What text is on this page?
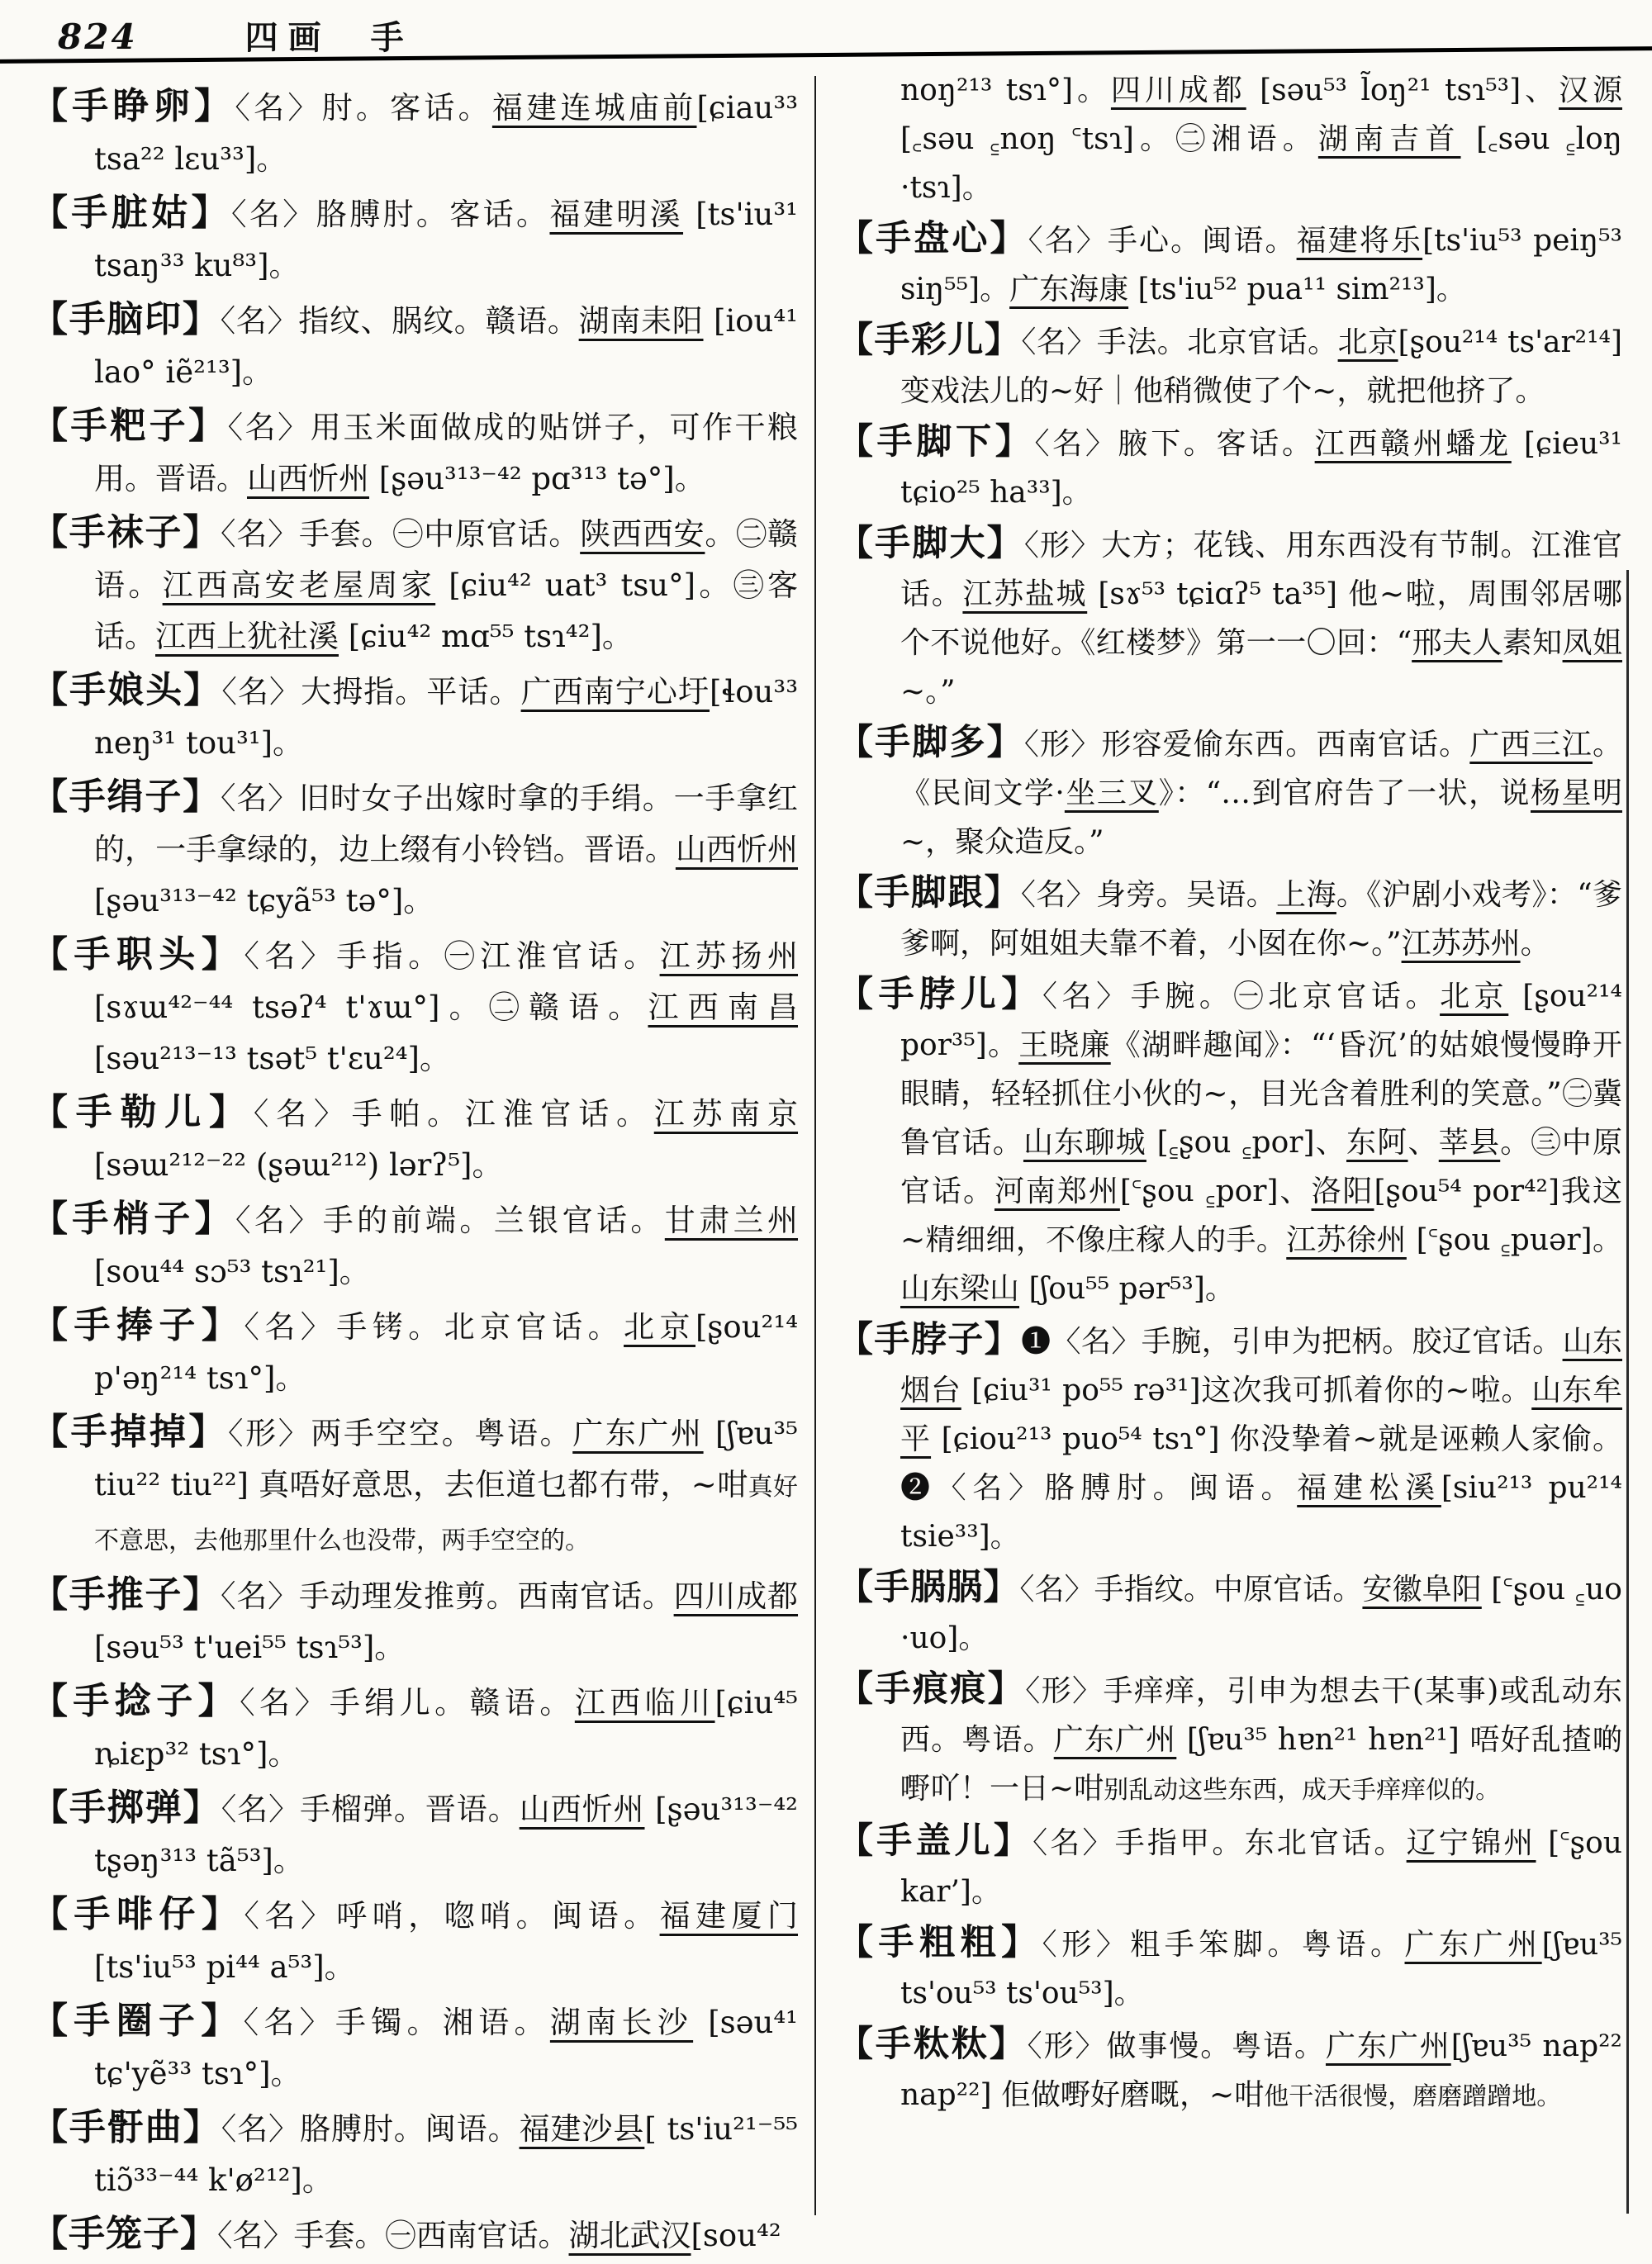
824	四画 手
【手睁卵】〈名〉肘。客话。福建连城庙前[ɕiau³³ tsa²² lɛu³³]。
【手脏姑】〈名〉胳膊肘。客话。福建明溪 [ts'iu³¹ tsaŋ³³ ku⁸³]。
【手脑印】〈名〉指纹、脶纹。赣语。湖南耒阳 [iou⁴¹ lao° iẽ²¹³]。
【手粑子】〈名〉用玉米面做成的贴饼子，可作干粮用。晋语。山西忻州 [ʂəu³¹³⁻⁴² pɑ³¹³ tə°]。
【手袜子】〈名〉手套。㊀中原官话。陕西西安。㊁赣语。江西高安老屋周家 [ɕiu⁴² uat³ tsu°]。㊂客话。江西上犹社溪 [ɕiu⁴² mɑ⁵⁵ tsɿ⁴²]。
【手娘头】〈名〉大拇指。平话。广西南宁心圩[ɬou³³ neŋ³¹ tou³¹]。
【手绢子】〈名〉旧时女子出嫁时拿的手绢。一手拿红的，一手拿绿的，边上缀有小铃铛。晋语。山西忻州 [ʂəu³¹³⁻⁴² tɕyã⁵³ tə°]。
【手职头】〈名〉手指。㊀江淮官话。江苏扬州[sɤɯ⁴²⁻⁴⁴ tsəʔ⁴ t'ɤɯ°]。㊁赣语。江西南昌[səu²¹³⁻¹³ tsət⁵ t'ɛu²⁴]。
【手勒儿】〈名〉手帕。江淮官话。江苏南京 [səɯ²¹²⁻²² (ʂəɯ²¹²) lərʔ⁵]。
【手梢子】〈名〉手的前端。兰银官话。甘肃兰州[sou⁴⁴ sɔ⁵³ tsɿ²¹]。
【手捧子】〈名〉手铐。北京官话。北京[ʂou²¹⁴ p'əŋ²¹⁴ tsɿ°]。
【手掉掉】〈形〉两手空空。粤语。广东广州 [ʃɐu³⁵ tiu²² tiu²²] 真唔好意思，去佢道乜都冇带，~咁真好不意思，去他那里什么也没带，两手空空的。
【手推子】〈名〉手动理发推剪。西南官话。四川成都 [səu⁵³ t'uei⁵⁵ tsɿ⁵³]。
【手捻子】〈名〉手绢儿。赣语。江西临川[ɕiu⁴⁵ ȵiɛp³² tsɿ°]。
【手掷弹】〈名〉手榴弹。晋语。山西忻州 [ʂəu³¹³⁻⁴² tʂəŋ³¹³ tã⁵³]。
【手啡仔】〈名〉呼哨，唿哨。闽语。福建厦门 [ts'iu⁵³ pi⁴⁴ a⁵³]。
【手圈子】〈名〉手镯。湘语。湖南长沙 [səu⁴¹ tɕ'yẽ³³ tsɿ°]。
【手骬曲】〈名〉胳膊肘。闽语。福建沙县[ ts'iu²¹⁻⁵⁵ tiɔ̃³³⁻⁴⁴ k'ø²¹²]。
【手笼子】〈名〉手套。㊀西南官话。湖北武汉[sou⁴²
noŋ²¹³ tsɿ°]。四川成都 [səu⁵³ l̃oŋ²¹ tsɿ⁵³]、汉源[꜀səu ꜁noŋ ꜂tsɿ]。㊁湘语。湖南吉首 [꜀səu ꜁loŋ ·tsɿ]。
【手盘心】〈名〉手心。闽语。福建将乐[ts'iu⁵³ peiŋ⁵³ siŋ⁵⁵]。广东海康 [ts'iu⁵² pua¹¹ sim²¹³]。
【手彩儿】〈名〉手法。北京官话。北京[ʂou²¹⁴ ts'ar²¹⁴]变戏法儿的~好｜他稍微使了个~，就把他挤了。
【手脚下】〈名〉腋下。客话。江西赣州蟠龙 [ɕieu³¹ tɕio²⁵ ha³³]。
【手脚大】〈形〉大方；花钱、用东西没有节制。江淮官话。江苏盐城 [sɤ⁵³ tɕiɑʔ⁵ ta³⁵] 他~啦，周围邻居哪个不说他好。《红楼梦》第一一〇回：“邢夫人素知凤姐~。”
【手脚多】〈形〉形容爱偷东西。西南官话。广西三江。《民间文学·坐三叉》：“…到官府告了一状，说杨星明~，聚众造反。”
【手脚跟】〈名〉身旁。吴语。上海。《沪剧小戏考》：“爹爹啊，阿姐姐夫靠不着，小囡在你~。”江苏苏州。
【手脖儿】〈名〉手腕。㊀北京官话。北京 [ʂou²¹⁴ por³⁵]。王晓廉《湖畔趣闻》：“‘昏沉’的姑娘慢慢睁开眼睛，轻轻抓住小伙的~，目光含着胜利的笑意。”㊁冀鲁官话。山东聊城 [꜁ʂou ꜁por]、东阿、莘县。㊂中原官话。河南郑州[꜂ʂou ꜁por]、洛阳[ʂou⁵⁴ por⁴²]我这~精细细，不像庄稼人的手。江苏徐州 [꜂ʂou ꜁puər]。山东梁山 [ʃou⁵⁵ pər⁵³]。
【手脖子】❶〈名〉手腕，引申为把柄。胶辽官话。山东烟台 [ɕiu³¹ po⁵⁵ rə³¹]这次我可抓着你的~啦。山东牟平 [ɕiou²¹³ puo⁵⁴ tsɿ°] 你没挚着~就是诬赖人家偷。❷〈名〉胳膊肘。闽语。福建松溪[siu²¹³ pu²¹⁴ tsie³³]。
【手脶脶】〈名〉手指纹。中原官话。安徽阜阳 [꜂ʂou ꜁uo ·uo]。
【手痕痕】〈形〉手痒痒，引申为想去干(某事)或乱动东西。粤语。广东广州 [ʃɐu³⁵ hɐn²¹ hɐn²¹] 唔好乱揸啲嘢吖！一日~咁别乱动这些东西，成天手痒痒似的。
【手盖儿】〈名〉手指甲。东北官话。辽宁锦州 [꜂ʂou kar’]。
【手粗粗】〈形〉粗手笨脚。粤语。广东广州[ʃɐu³⁵ ts'ou⁵³ ts'ou⁵³]。
【手粏粏】〈形〉做事慢。粤语。广东广州[ʃɐu³⁵ nap²² nap²²] 佢做嘢好磨嘅，~咁他干活很慢，磨磨蹭蹭地。
